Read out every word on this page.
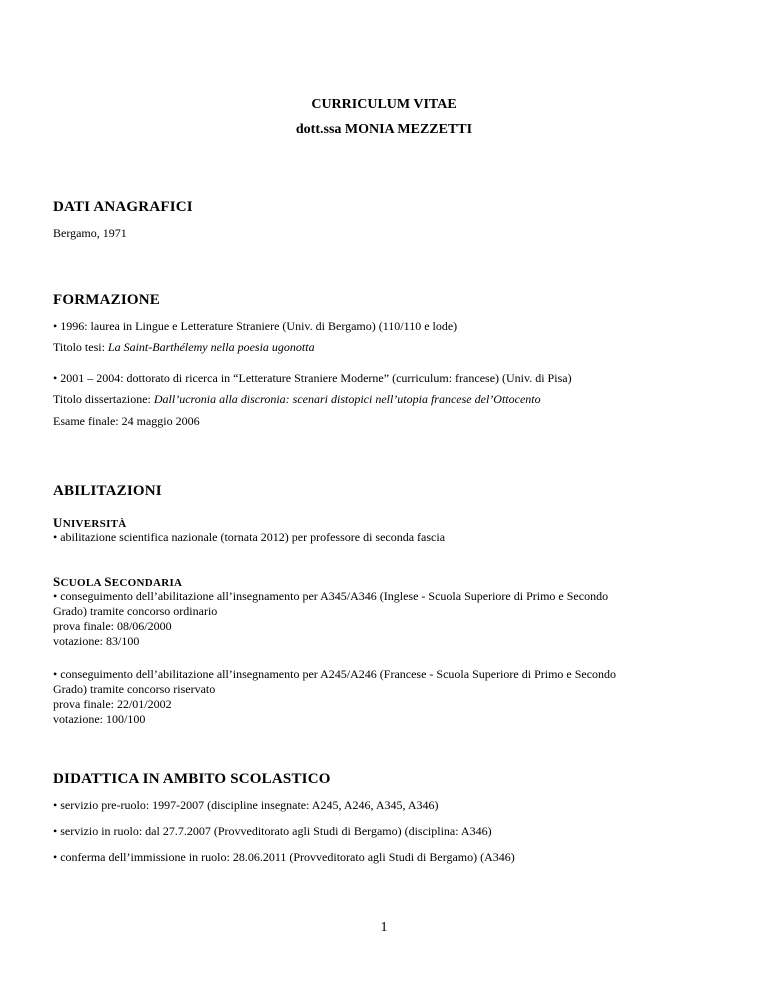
CURRICULUM VITAE
dott.ssa MONIA MEZZETTI
DATI ANAGRAFICI
Bergamo, 1971
FORMAZIONE
• 1996: laurea in Lingue e Letterature Straniere (Univ. di Bergamo) (110/110 e lode)
Titolo tesi: La Saint-Barthélemy nella poesia ugonotta
• 2001 – 2004: dottorato di ricerca in “Letterature Straniere Moderne” (curriculum: francese) (Univ. di Pisa)
Titolo dissertazione: Dall’ucronia alla discronia: scenari distopici nell’utopia francese del’Ottocento
Esame finale: 24 maggio 2006
ABILITAZIONI
UNIVERSITÀ
• abilitazione scientifica nazionale (tornata 2012) per professore di seconda fascia
SCUOLA SECONDARIA
• conseguimento dell’abilitazione all’insegnamento per A345/A346 (Inglese - Scuola Superiore di Primo e Secondo
Grado) tramite concorso ordinario
prova finale: 08/06/2000
votazione: 83/100
• conseguimento dell’abilitazione all’insegnamento per A245/A246 (Francese - Scuola Superiore di Primo e Secondo
Grado) tramite concorso riservato
prova finale: 22/01/2002
votazione: 100/100
DIDATTICA IN AMBITO SCOLASTICO
• servizio pre-ruolo: 1997-2007 (discipline insegnate: A245, A246, A345, A346)
• servizio in ruolo: dal 27.7.2007 (Provveditorato agli Studi di Bergamo) (disciplina: A346)
• conferma dell’immissione in ruolo: 28.06.2011 (Provveditorato agli Studi di Bergamo) (A346)
1
